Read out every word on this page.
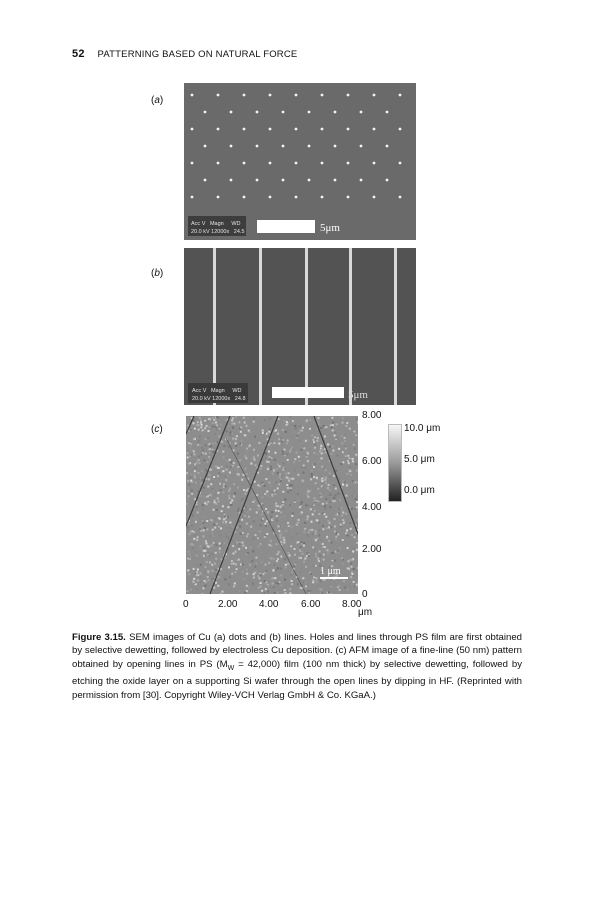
52 PATTERNING BASED ON NATURAL FORCE
(a)
Acc V   Magn     WD
20.0 kV 12000x   24.5	5μm
(b)
Acc V   Magn     WD
20.0 kV 12000x   24.8	5μm
(c)
1 μm
8.00
6.00
4.00
2.00
0
0	2.00 4.00 6.00 8.00
μm
10.0 μm
5.0 μm
0.0 μm
Figure 3.15. SEM images of Cu (a) dots and (b) lines. Holes and lines through PS film are first obtained by selective dewetting, followed by electroless Cu deposition. (c) AFM image of a fine-line (50 nm) pattern obtained by opening lines in PS $(M_W = 42,000)$ film (100 nm thick) by selective dewetting, followed by etching the oxide layer on a supporting Si wafer through the open lines by dipping in HF. (Reprinted with permission from [30]. Copyright Wiley-VCH Verlag GmbH & Co. KGaA.)
